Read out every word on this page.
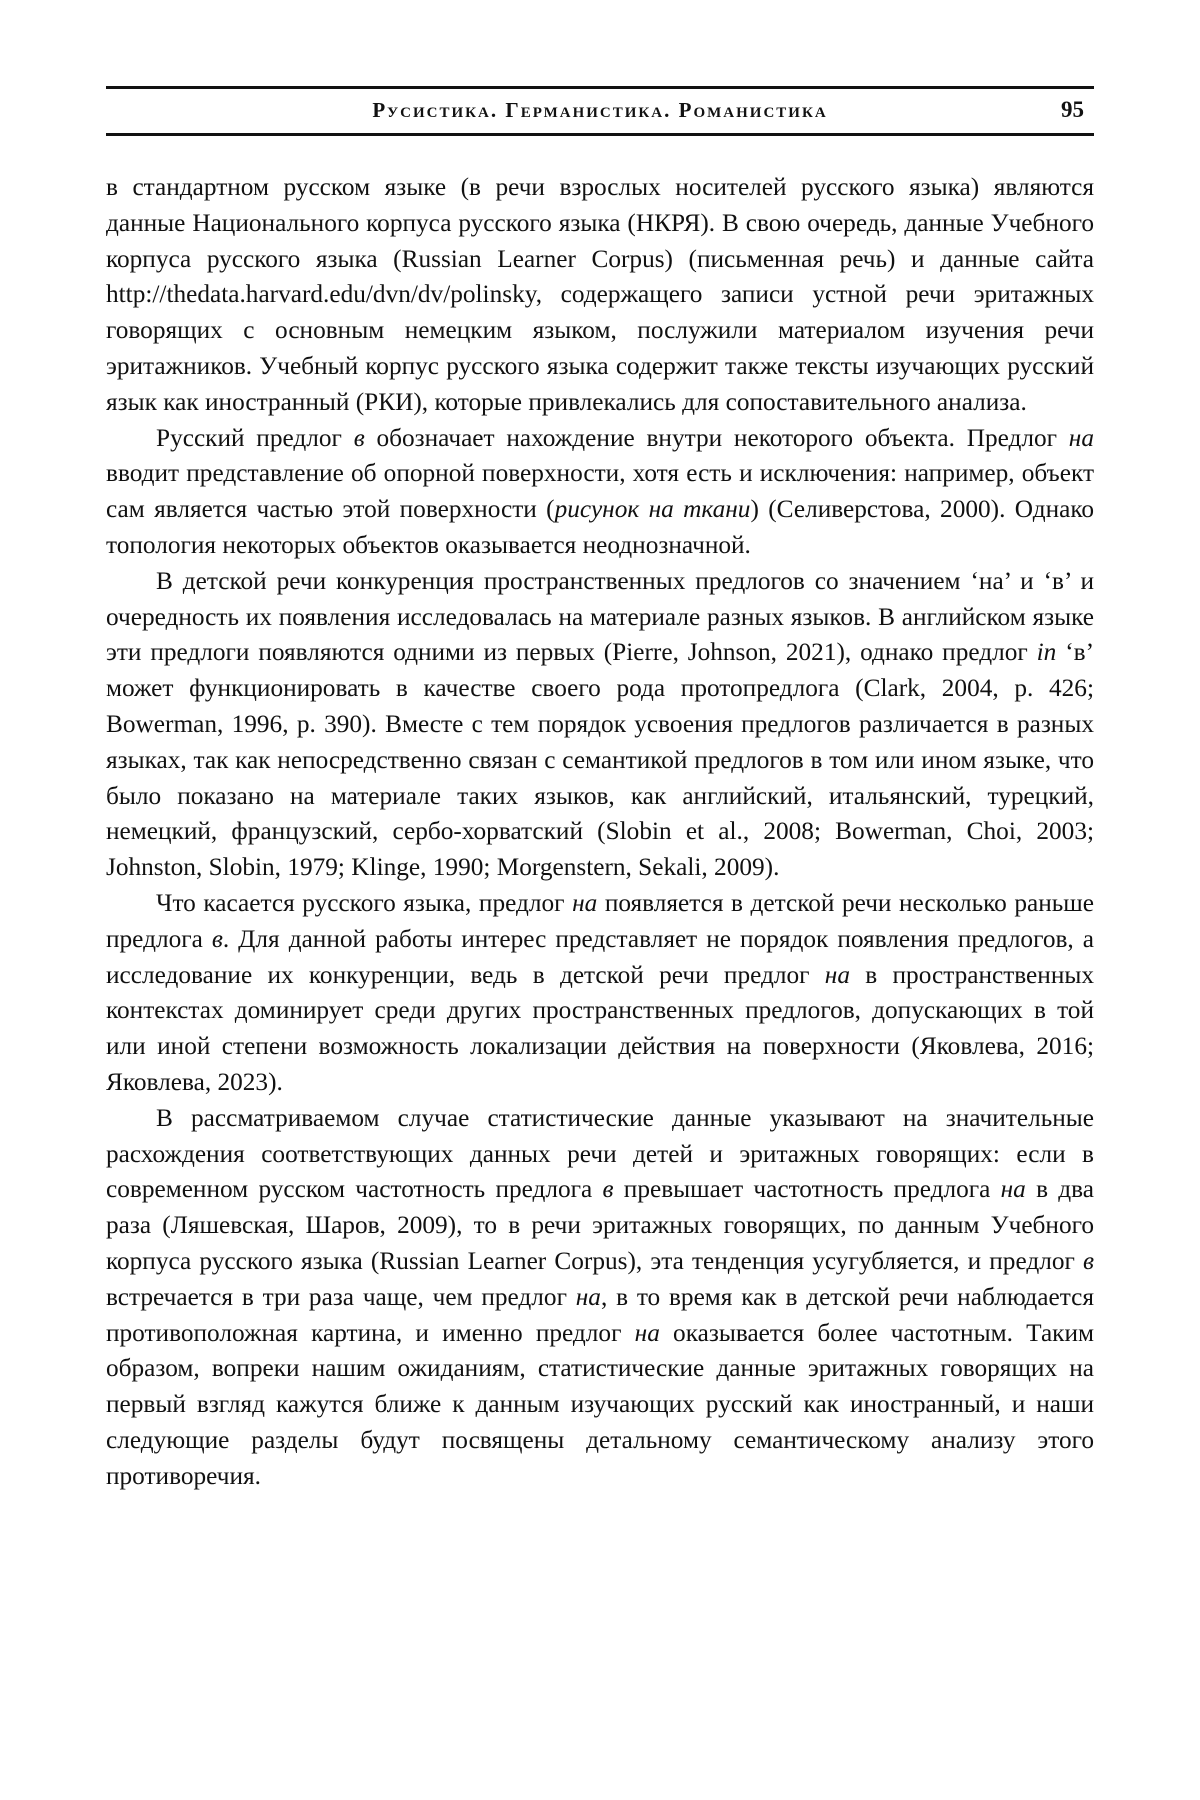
Русистика. Германистика. Романистика	95

в стандартном русском языке (в речи взрослых носителей русского языка) являются данные Национального корпуса русского языка (НКРЯ). В свою очередь, данные Учебного корпуса русского языка (Russian Learner Corpus) (письменная речь) и данные сайта http://thedata.harvard.edu/dvn/dv/polinsky, содержащего записи устной речи эритажных говорящих с основным немецким языком, послужили материалом изучения речи эритажников. Учебный корпус русского языка содержит также тексты изучающих русский язык как иностран­ный (РКИ), которые привлекались для сопоставительного анализа.

Русский предлог в обозначает нахождение внутри некоторого объекта. Предлог на вводит представление об опорной поверхности, хотя есть и исклю­чения: например, объект сам является частью этой поверхности (рисунок на ткани) (Селиверстова, 2000). Однако топология некоторых объектов оказы­вается неоднозначной.

В детской речи конкуренция пространственных предлогов со значением ‘на’ и ‘в’ и очередность их появления исследовалась на материале разных языков. В английском языке эти предлоги появляются одними из первых (Pierre, Johnson, 2021), однако предлог in ‘в’ может функционировать в качестве своего рода протопредлога (Clark, 2004, p. 426; Bowerman, 1996, p. 390). Вместе с тем поря­док усвоения предлогов различается в разных языках, так как непосредственно связан с семантикой предлогов в том или ином языке, что было показано на ма­териале таких языков, как английский, итальянский, турецкий, немецкий, фран­цузский, сербо-хорватский (Slobin et al., 2008; Bowerman, Choi, 2003; Johnston, Slobin, 1979; Klinge, 1990; Morgenstern, Sekali, 2009).

Что касается русского языка, предлог на появляется в детской речи не­сколько раньше предлога в. Для данной работы интерес представляет не по­рядок появления предлогов, а исследование их конкуренции, ведь в дет­ской речи предлог на в пространственных контекстах доминирует среди других пространственных предлогов, допускающих в той или иной степе­ни возможность локализации действия на поверхности (Яковлева, 2016; Яковлева, 2023).

В рассматриваемом случае статистические данные указывают на зна­чительные расхождения соответствующих данных речи детей и эритажных говорящих: если в современном русском частотность предлога в превышает частотность предлога на в два раза (Ляшевская, Шаров, 2009), то в речи эри­тажных говорящих, по данным Учебного корпуса русского языка (Russian Learner Corpus), эта тенденция усугубляется, и предлог в встречается в три раза чаще, чем предлог на, в то время как в детской речи наблюдается проти­воположная картина, и именно предлог на оказывается более частотным. Та­ким образом, вопреки нашим ожиданиям, статистические данные эритажных говорящих на первый взгляд кажутся ближе к данным изучающих русский как иностранный, и наши следующие разделы будут посвящены детальному семантическому анализу этого противоречия.
